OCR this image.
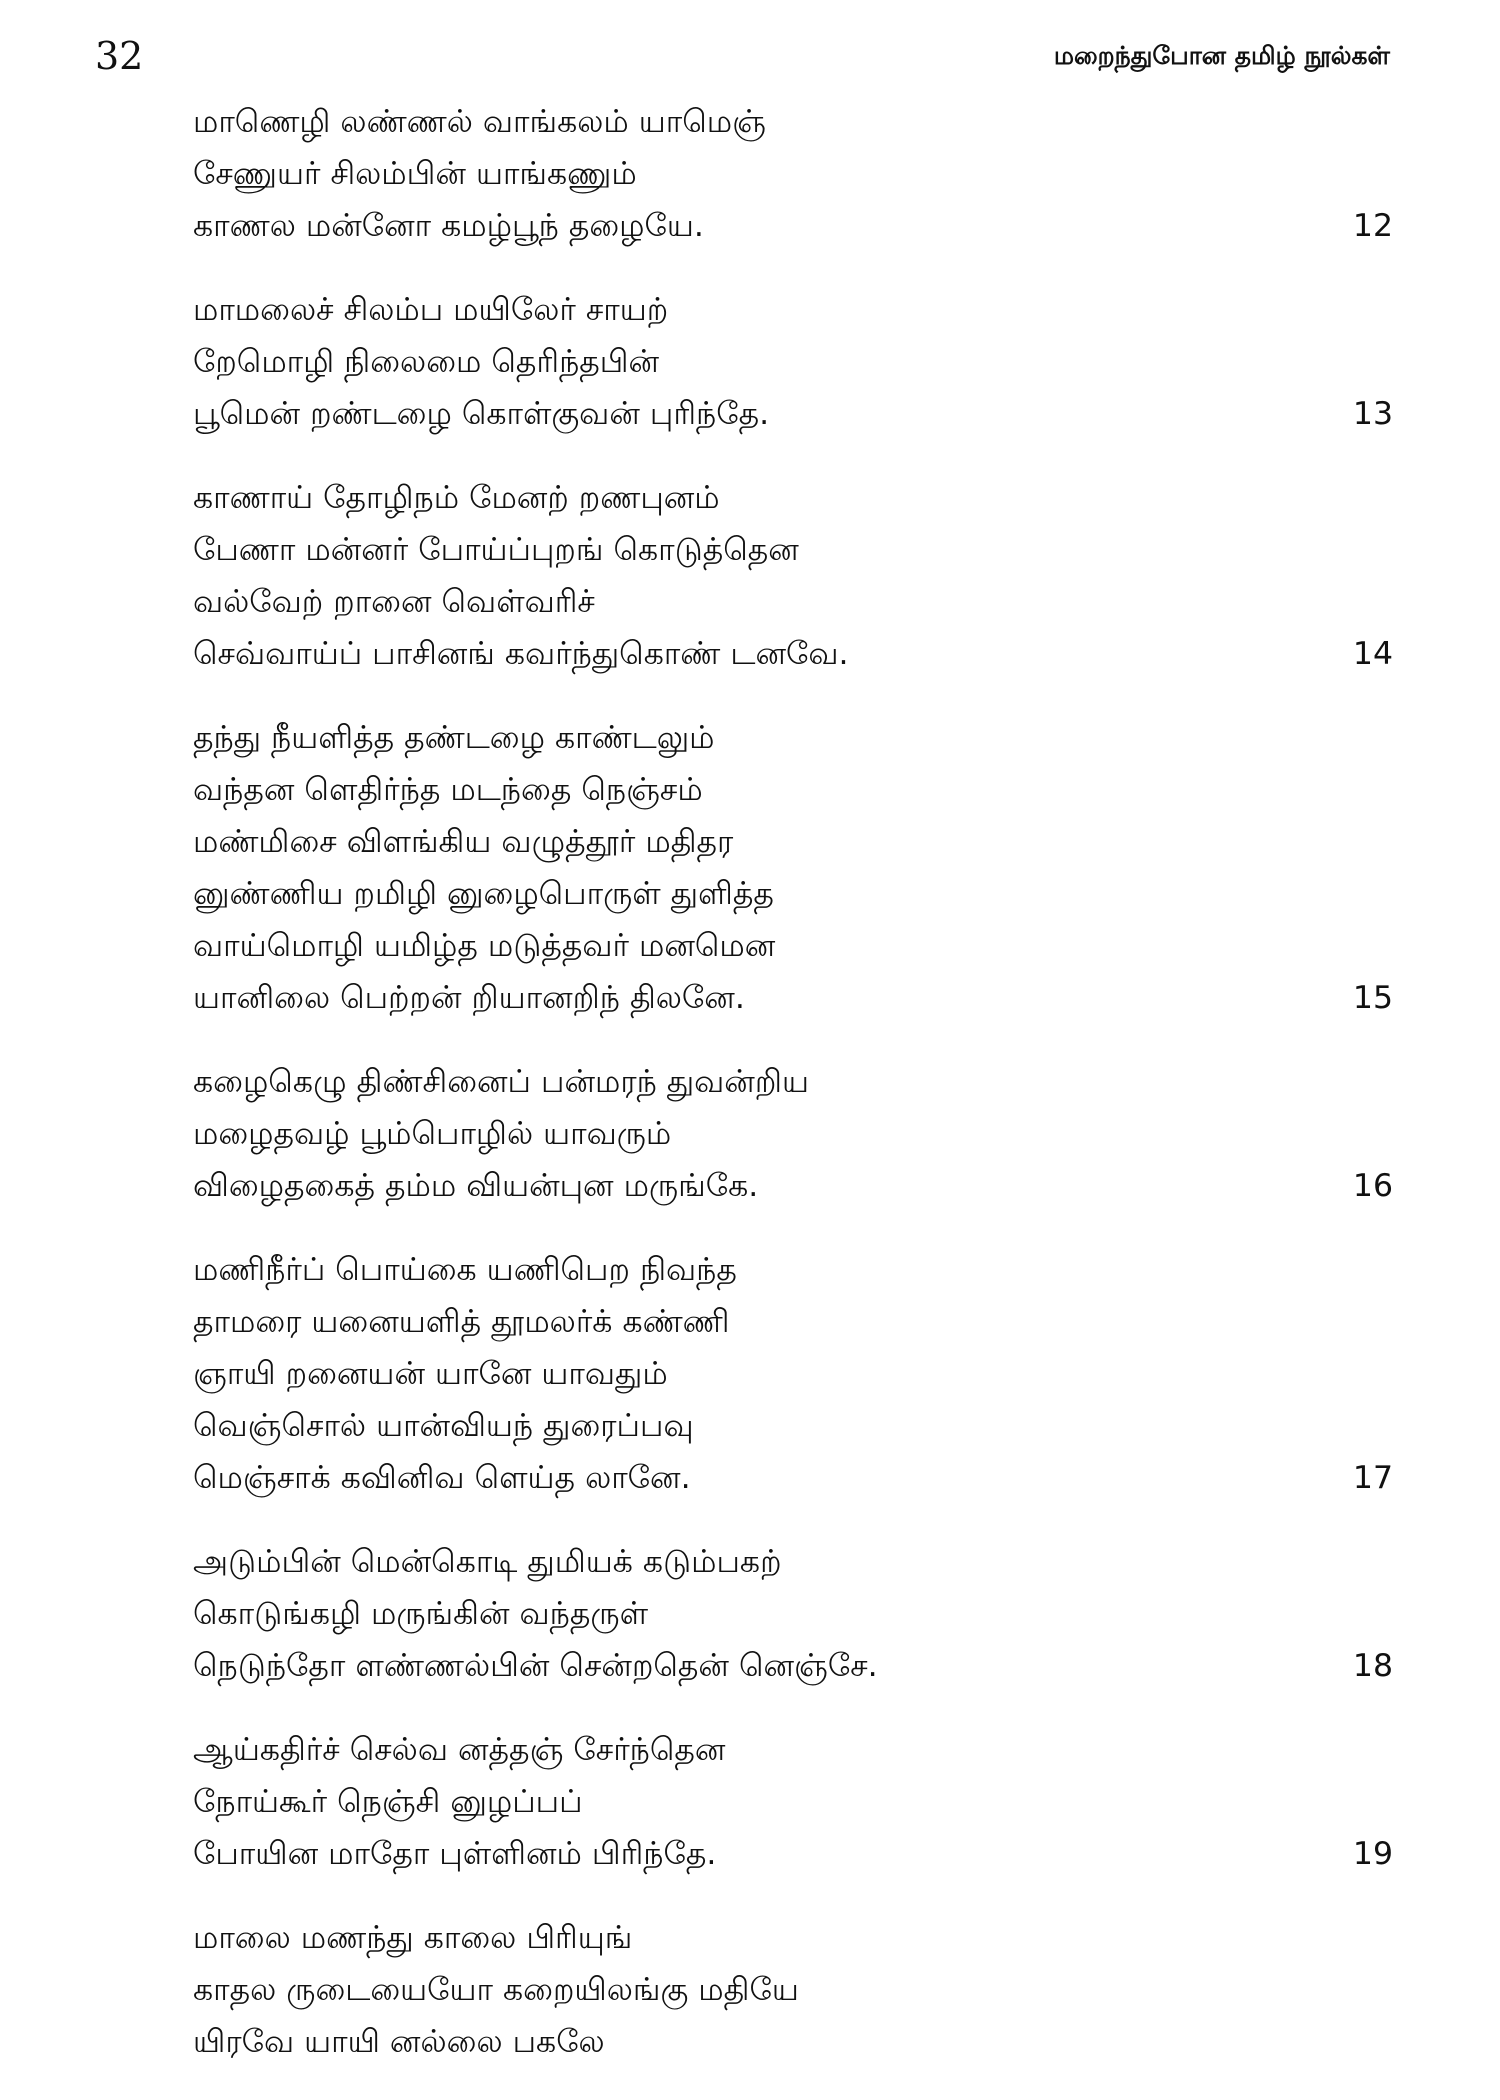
32	மறைந்துபோன தமிழ் நூல்கள்
மாணெழி லண்ணல் வாங்கலம் யாமெஞ்
சேணுயர் சிலம்பின் யாங்கணும்
காணல மன்னோ கமழ்பூந் தழையே.	12
மாமலைச் சிலம்ப மயிலேர் சாயற்
றேமொழி நிலைமை தெரிந்தபின்
பூமென் றண்டழை கொள்குவன் புரிந்தே.	13
காணாய் தோழிநம் மேனற் றணபுனம்
பேணா மன்னர் போய்ப்புறங் கொடுத்தென
வல்வேற் றானை வெள்வரிச்
செவ்வாய்ப் பாசினங் கவர்ந்துகொண் டனவே.	14
தந்து நீயளித்த தண்டழை காண்டலும்
வந்தன ளெதிர்ந்த மடந்தை நெஞ்சம்
மண்மிசை விளங்கிய வழுத்தூர் மதிதர
னுண்ணிய றமிழி னுழைபொருள் துளித்த
வாய்மொழி யமிழ்த மடுத்தவர் மனமென
யானிலை பெற்றன் றியானறிந் திலனே.	15
கழைகெழு திண்சினைப் பன்மரந் துவன்றிய
மழைதவழ் பூம்பொழில் யாவரும்
விழைதகைத் தம்ம வியன்புன மருங்கே.	16
மணிநீர்ப் பொய்கை யணிபெற நிவந்த
தாமரை யனையளித் தூமலர்க் கண்ணி
ஞாயி றனையன் யானே யாவதும்
வெஞ்சொல் யான்வியந் துரைப்பவு
மெஞ்சாக் கவினிவ ளெய்த லானே.	17
அடும்பின் மென்கொடி துமியக் கடும்பகற்
கொடுங்கழி மருங்கின் வந்தருள்
நெடுந்தோ ளண்ணல்பின் சென்றதென் னெஞ்சே.	18
ஆய்கதிர்ச் செல்வ னத்தஞ் சேர்ந்தென
நோய்கூர் நெஞ்சி னுழப்பப்
போயின மாதோ புள்ளினம் பிரிந்தே.	19
மாலை மணந்து காலை பிரியுங்
காதல ருடையையோ கறையிலங்கு மதியே
யிரவே யாயி னல்லை பகலே
